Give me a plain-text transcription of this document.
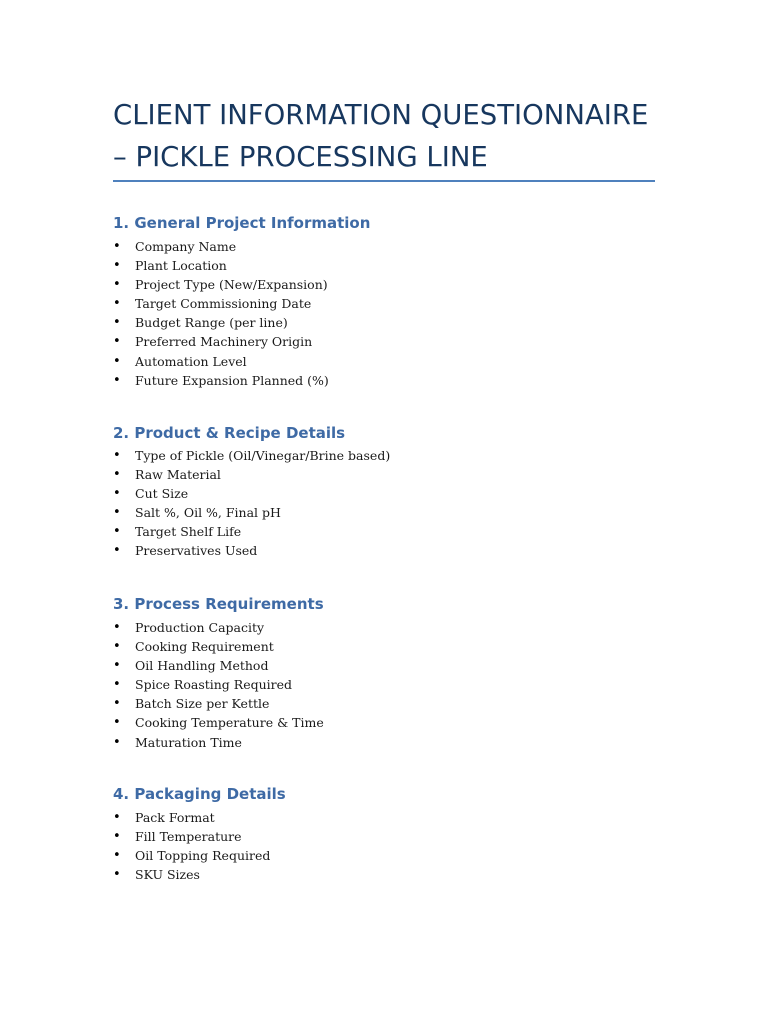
CLIENT INFORMATION QUESTIONNAIRE – PICKLE PROCESSING LINE
1. General Project Information
• Company Name
• Plant Location
• Project Type (New/Expansion)
• Target Commissioning Date
• Budget Range (per line)
• Preferred Machinery Origin
• Automation Level
• Future Expansion Planned (%)
2. Product & Recipe Details
• Type of Pickle (Oil/Vinegar/Brine based)
• Raw Material
• Cut Size
• Salt %, Oil %, Final pH
• Target Shelf Life
• Preservatives Used
3. Process Requirements
• Production Capacity
• Cooking Requirement
• Oil Handling Method
• Spice Roasting Required
• Batch Size per Kettle
• Cooking Temperature & Time
• Maturation Time
4. Packaging Details
• Pack Format
• Fill Temperature
• Oil Topping Required
• SKU Sizes
